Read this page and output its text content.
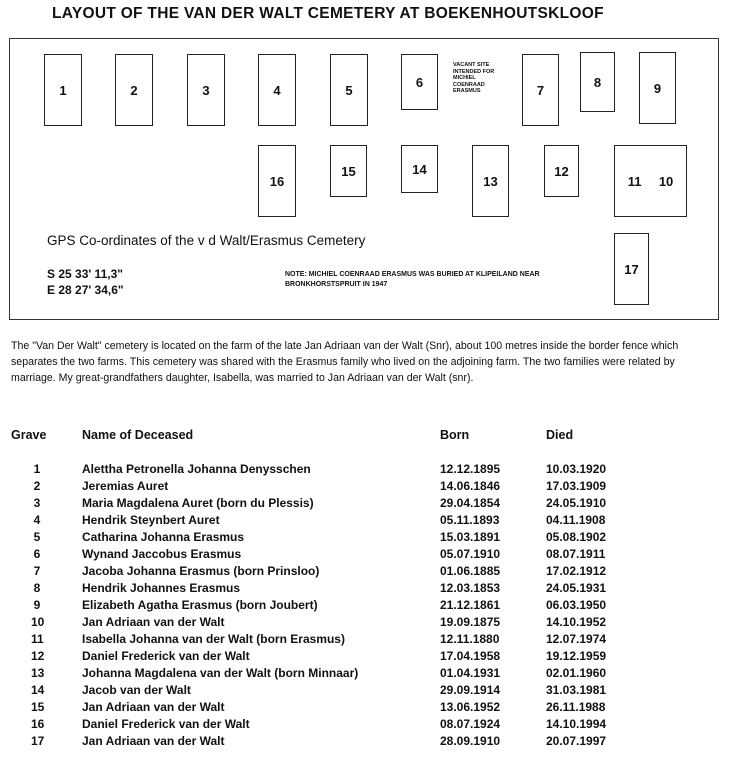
LAYOUT OF THE VAN DER WALT CEMETERY AT BOEKENHOUTSKLOOF
1	2	3	4	5
6
VACANT SITE
INTENDED FOR
MICHIEL
COENRAAD
ERASMUS	7
8	9
16
15	14
13
12
11 10
17
GPS Co-ordinates of the v d Walt/Erasmus Cemetery
S 25 33' 11,3"
E 28 27' 34,6"
NOTE: MICHIEL COENRAAD ERASMUS WAS BURIED AT KLIPEILAND NEAR BRONKHORSTSPRUIT IN 1947
The "Van Der Walt" cemetery is located on the farm of the late Jan Adriaan van der Walt (Snr), about 100 metres inside the border fence which separates the two farms. This cemetery was shared with the Erasmus family who lived on the adjoining farm. The two families were related by marriage. My great-grandfathers daughter, Isabella, was married to Jan Adriaan van der Walt (snr).
Grave	Name of Deceased	Born	Died
1	Alettha Petronella Johanna Denysschen	12.12.1895	10.03.1920
2	Jeremias Auret	14.06.1846	17.03.1909
3	Maria Magdalena Auret (born du Plessis)	29.04.1854	24.05.1910
4	Hendrik Steynbert Auret	05.11.1893	04.11.1908
5	Catharina Johanna Erasmus	15.03.1891	05.08.1902
6	Wynand Jaccobus Erasmus	05.07.1910	08.07.1911
7	Jacoba Johanna Erasmus (born Prinsloo)	01.06.1885	17.02.1912
8	Hendrik Johannes Erasmus	12.03.1853	24.05.1931
9	Elizabeth Agatha Erasmus (born Joubert)	21.12.1861	06.03.1950
10	Jan Adriaan van der Walt	19.09.1875	14.10.1952
11	Isabella Johanna van der Walt (born Erasmus)	12.11.1880	12.07.1974
12	Daniel Frederick van der Walt	17.04.1958	19.12.1959
13	Johanna Magdalena van der Walt (born Minnaar)	01.04.1931	02.01.1960
14	Jacob van der Walt	29.09.1914	31.03.1981
15	Jan Adriaan van der Walt	13.06.1952	26.11.1988
16	Daniel Frederick van der Walt	08.07.1924	14.10.1994
17	Jan Adriaan van der Walt	28.09.1910	20.07.1997
